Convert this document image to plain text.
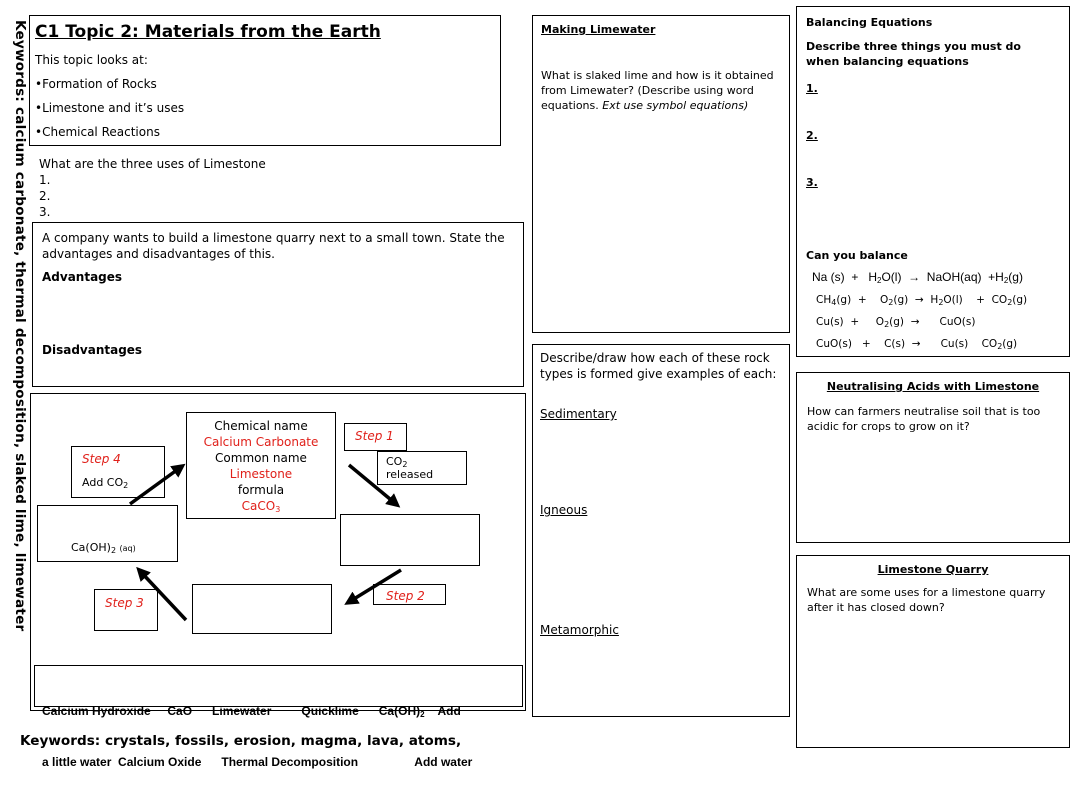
Keywords: calcium carbonate, thermal decomposition, slaked lime, limewater C1 Topic 2: Materials from the Earth
This topic looks at:
•Formation of Rocks
•Limestone and it’s uses
•Chemical Reactions
What are the three uses of Limestone
1.
2.
3.
A company wants to build a limestone quarry next to a small town. State the advantages and disadvantages of this.
Advantages
Disadvantages
Chemical name
Calcium Carbonate
Common name
Limestone
formula
CaCO$_3$
Step 1
$CO_2$
released
Step 2
Step 3
$Ca(OH)_2$ (aq)
Step 4
Add $CO_2$

Calcium Hydroxide     CaO      Limewater         Quicklime      $Ca(OH)_2$    Add

a little water  Calcium Oxide      Thermal Decomposition                 Add water

Keywords: crystals, fossils, erosion, magma, lava, atoms,
Making Limewater
What is slaked lime and how is it obtained from Limewater? (Describe using word equations. Ext use symbol equations)
Describe/draw how each of these rock types is formed give examples of each:
Sedimentary
Igneous
Metamorphic
Balancing Equations
Describe three things you must do when balancing equations
1.
2.
3.
Can you balance
Na $(s) + H_2O(l)$  →  NaOH(aq)  $+H_2(g)$
$CH_4(g)$  +    $O_2(g) \to H_2O(l)$    +  $CO_2(g)$
Cu(s)  +     $O_2(g)$  →      CuO(s)
CuO(s)   +    C(s)  →      Cu(s)    $CO_2(g)$
Neutralising Acids with Limestone
How can farmers neutralise soil that is too acidic for crops to grow on it?
Limestone Quarry
What are some uses for a limestone quarry after it has closed down?
